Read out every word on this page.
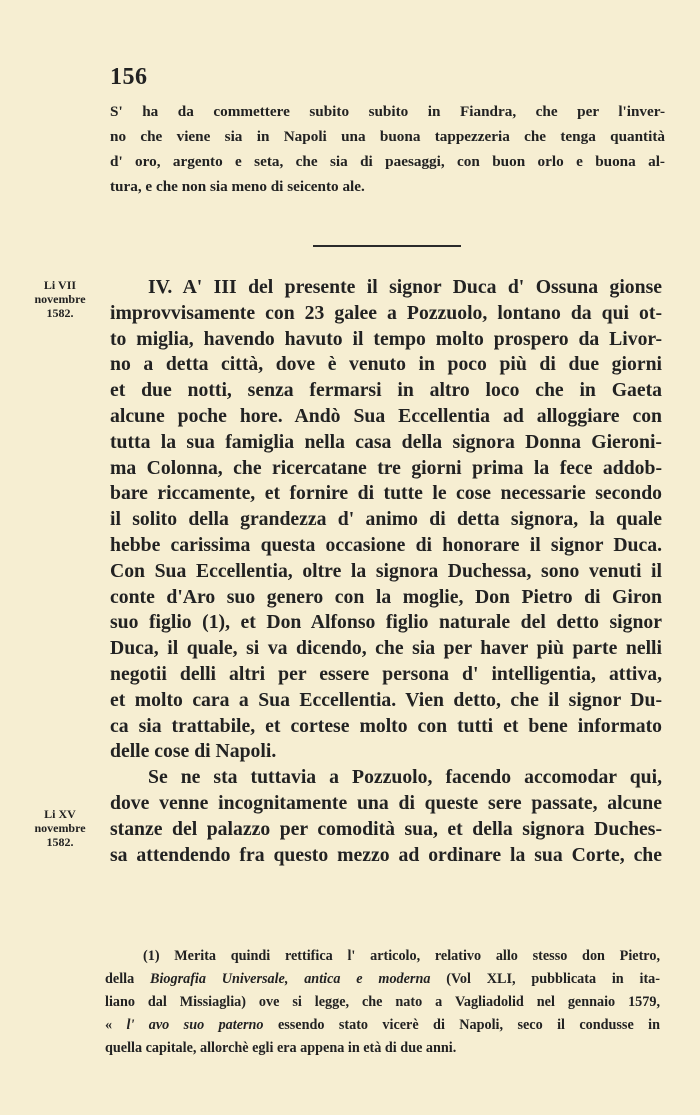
156
S' ha da commettere subito subito in Fiandra, che per l'inver-
no che viene sia in Napoli una buona tappezzeria che tenga quantità
d' oro, argento e seta, che sia di paesaggi, con buon orlo e buona al-
tura, e che non sia meno di seicento ale.
Li VII
novembre
1582.
Li XV
novembre
1582.
IV. A' III del presente il signor Duca d' Ossuna gionse
improvvisamente con 23 galee a Pozzuolo, lontano da qui ot-
to miglia, havendo havuto il tempo molto prospero da Livor-
no a detta città, dove è venuto in poco più di due giorni
et due notti, senza fermarsi in altro loco che in Gaeta
alcune poche hore. Andò Sua Eccellentia ad alloggiare con
tutta la sua famiglia nella casa della signora Donna Gieroni-
ma Colonna, che ricercatane tre giorni prima la fece addob-
bare riccamente, et fornire di tutte le cose necessarie secondo
il solito della grandezza d' animo di detta signora, la quale
hebbe carissima questa occasione di honorare il signor Duca.
Con Sua Eccellentia, oltre la signora Duchessa, sono venuti il
conte d'Aro suo genero con la moglie, Don Pietro di Giron
suo figlio (1), et Don Alfonso figlio naturale del detto signor
Duca, il quale, si va dicendo, che sia per haver più parte nelli
negotii delli altri per essere persona d' intelligentia, attiva,
et molto cara a Sua Eccellentia. Vien detto, che il signor Du-
ca sia trattabile, et cortese molto con tutti et bene informato
delle cose di Napoli.
Se ne sta tuttavia a Pozzuolo, facendo accomodar qui,
dove venne incognitamente una di queste sere passate, alcune
stanze del palazzo per comodità sua, et della signora Duches-
sa attendendo fra questo mezzo ad ordinare la sua Corte, che
(1) Merita quindi rettifica l' articolo, relativo allo stesso don Pietro,
della Biografia Universale, antica e moderna (Vol XLI, pubblicata in ita-
liano dal Missiaglia) ove si legge, che nato a Vagliadolid nel gennaio 1579,
« l' avo suo paterno essendo stato vicerè di Napoli, seco il condusse in
quella capitale, allorchè egli era appena in età di due anni.
